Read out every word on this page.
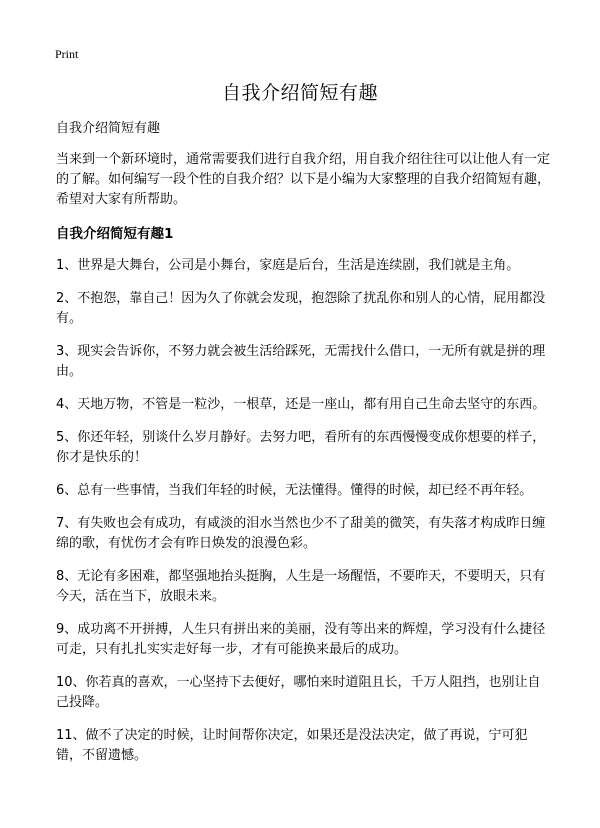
Print
自我介绍简短有趣

自我介绍简短有趣

当来到一个新环境时，通常需要我们进行自我介绍，用自我介绍往往可以让他人有一定的了解。如何编写一段个性的自我介绍？以下是小编为大家整理的自我介绍简短有趣，希望对大家有所帮助。

自我介绍简短有趣1
1、世界是大舞台，公司是小舞台，家庭是后台，生活是连续剧，我们就是主角。
2、不抱怨，靠自己！因为久了你就会发现，抱怨除了扰乱你和别人的心情，屁用都没有。
3、现实会告诉你，不努力就会被生活给踩死，无需找什么借口，一无所有就是拼的理由。
4、天地万物，不管是一粒沙，一根草，还是一座山，都有用自己生命去坚守的东西。
5、你还年轻，别谈什么岁月静好。去努力吧，看所有的东西慢慢变成你想要的样子，你才是快乐的！
6、总有一些事情，当我们年轻的时候，无法懂得。懂得的时候，却已经不再年轻。
7、有失败也会有成功，有咸淡的泪水当然也少不了甜美的微笑，有失落才构成昨日缠绵的歌，有忧伤才会有昨日焕发的浪漫色彩。
8、无论有多困难，都坚强地抬头挺胸，人生是一场醒悟，不要昨天，不要明天，只有今天，活在当下，放眼未来。
9、成功离不开拼搏，人生只有拼出来的美丽，没有等出来的辉煌，学习没有什么捷径可走，只有扎扎实实走好每一步，才有可能换来最后的成功。
10、你若真的喜欢，一心坚持下去便好，哪怕来时道阻且长，千万人阻挡，也别让自己投降。
11、做不了决定的时候，让时间帮你决定，如果还是没法决定，做了再说，宁可犯错，不留遗憾。
